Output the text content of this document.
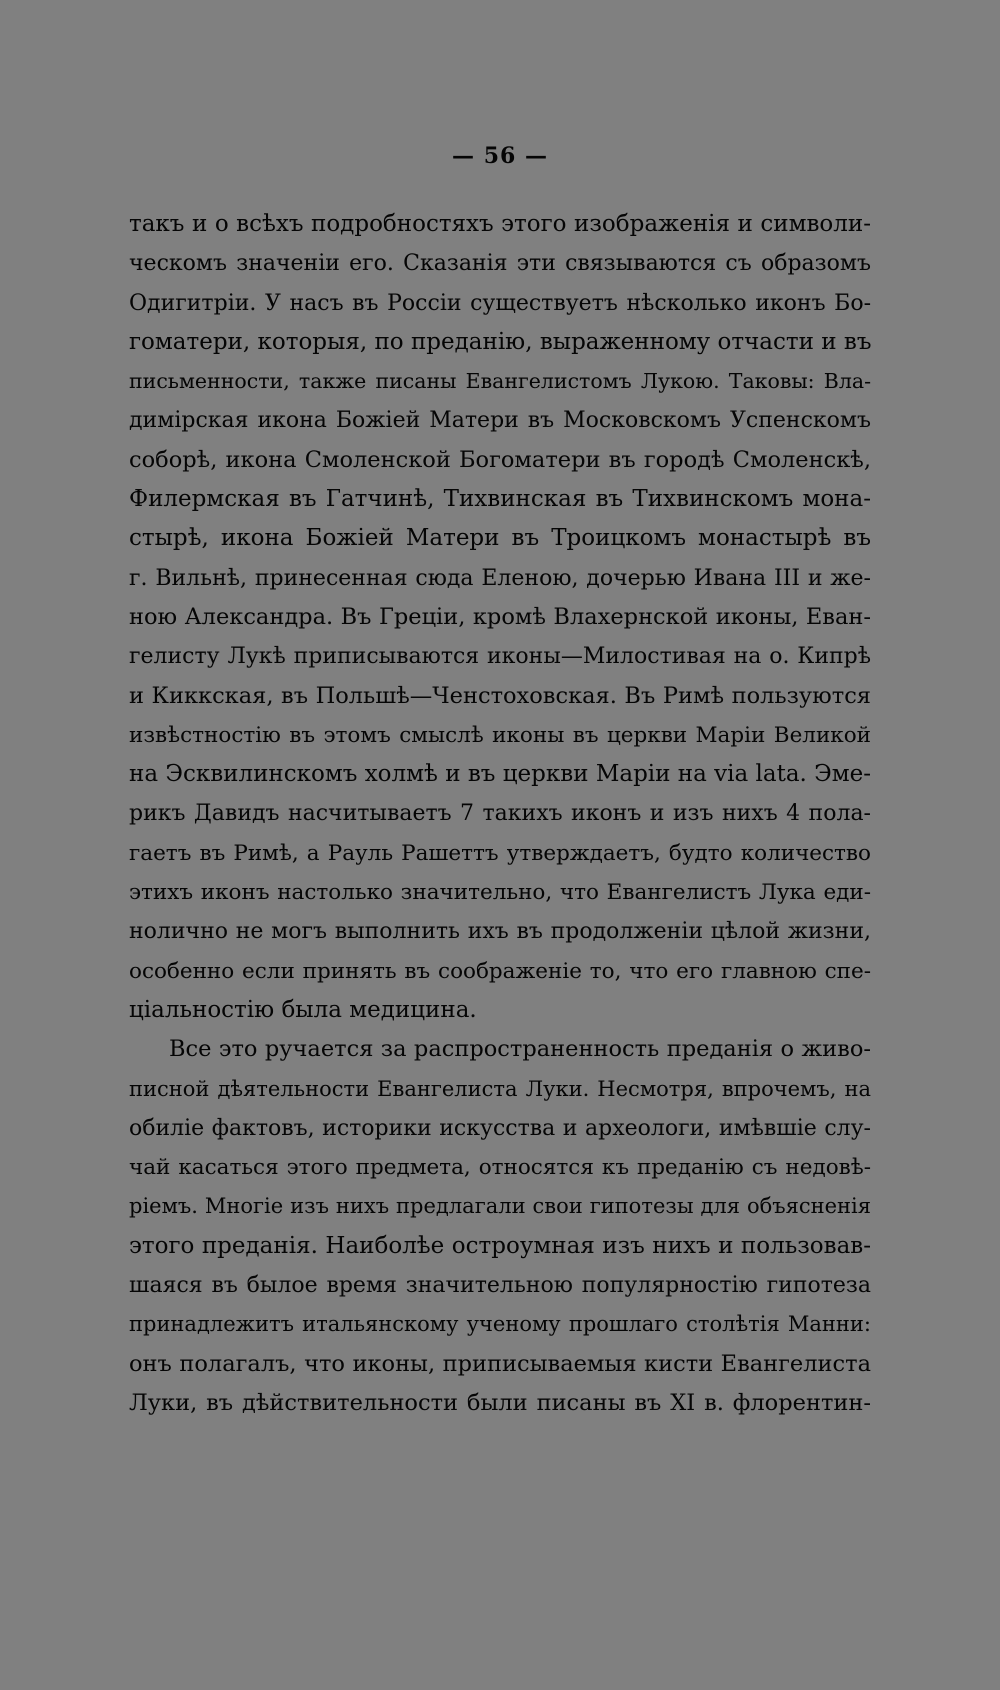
— 56 —
такъ и о всѣхъ подробностяхъ этого изображенія и символи-
ческомъ значеніи его. Сказанія эти связываются съ образомъ
Одигитріи. У насъ въ Россіи существуетъ нѣсколько иконъ Бо-
гоматери, которыя, по преданію, выраженному отчасти и въ
письменности, также писаны Евангелистомъ Лукою. Таковы: Вла-
димірская икона Божіей Матери въ Московскомъ Успенскомъ
соборѣ, икона Смоленской Богоматери въ городѣ Смоленскѣ,
Филермская въ Гатчинѣ, Тихвинская въ Тихвинскомъ мона-
стырѣ, икона Божіей Матери въ Троицкомъ монастырѣ въ
г. Вильнѣ, принесенная сюда Еленою, дочерью Ивана III и же-
ною Александра. Въ Греціи, кромѣ Влахернской иконы, Еван-
гелисту Лукѣ приписываются иконы—Милостивая на о. Кипрѣ
и Киккская, въ Польшѣ—Ченстоховская. Въ Римѣ пользуются
извѣстностію въ этомъ смыслѣ иконы въ церкви Маріи Великой
на Эсквилинскомъ холмѣ и въ церкви Маріи на via lata. Эме-
рикъ Давидъ насчитываетъ 7 такихъ иконъ и изъ нихъ 4 пола-
гаетъ въ Римѣ, а Рауль Рашеттъ утверждаетъ, будто количество
этихъ иконъ настолько значительно, что Евангелистъ Лука еди-
нолично не могъ выполнить ихъ въ продолженіи цѣлой жизни,
особенно если принять въ соображеніе то, что его главною спе-
ціальностію была медицина.
Все это ручается за распространенность преданія о живо-
писной дѣятельности Евангелиста Луки. Несмотря, впрочемъ, на
обиліе фактовъ, историки искусства и археологи, имѣвшіе слу-
чай касаться этого предмета, относятся къ преданію съ недовѣ-
ріемъ. Многіе изъ нихъ предлагали свои гипотезы для объясненія
этого преданія. Наиболѣе остроумная изъ нихъ и пользовав-
шаяся въ былое время значительною популярностію гипотеза
принадлежитъ итальянскому ученому прошлаго столѣтія Манни:
онъ полагалъ, что иконы, приписываемыя кисти Евангелиста
Луки, въ дѣйствительности были писаны въ XI в. флорентин-
